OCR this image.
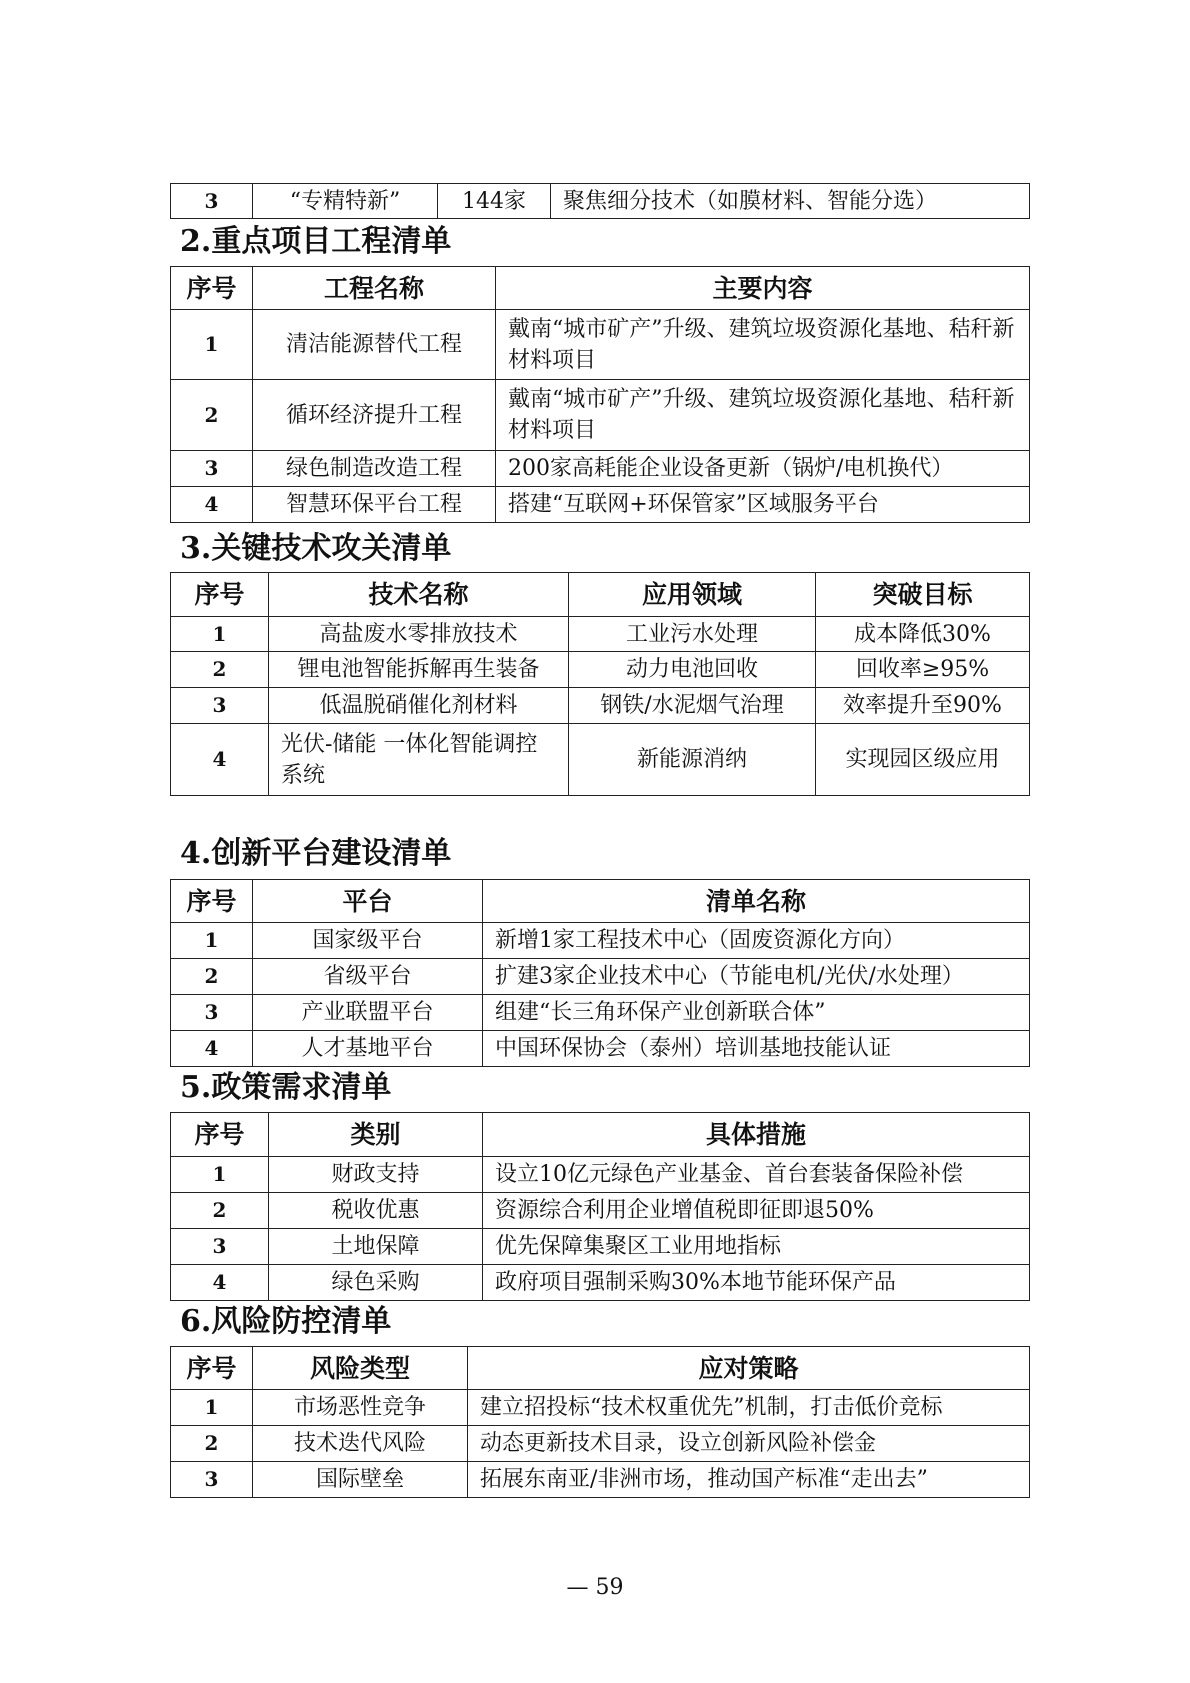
3	“专精特新”	144家	聚焦细分技术（如膜材料、智能分选）
2.重点项目工程清单
序号	工程名称	主要内容
1	清洁能源替代工程	戴南“城市矿产”升级、建筑垃圾资源化基地、秸秆新材料项目
2	循环经济提升工程	戴南“城市矿产”升级、建筑垃圾资源化基地、秸秆新材料项目
3	绿色制造改造工程	200家高耗能企业设备更新（锅炉/电机换代）
4	智慧环保平台工程	搭建“互联网+环保管家”区域服务平台
3.关键技术攻关清单
序号	技术名称	应用领域	突破目标
1	高盐废水零排放技术	工业污水处理	成本降低30%
2	锂电池智能拆解再生装备	动力电池回收	回收率≥95%
3	低温脱硝催化剂材料	钢铁/水泥烟气治理	效率提升至90%
4	光伏-储能 一体化智能调控系统	新能源消纳	实现园区级应用
4.创新平台建设清单
序号	平台	清单名称
1	国家级平台	新增1家工程技术中心（固废资源化方向）
2	省级平台	扩建3家企业技术中心（节能电机/光伏/水处理）
3	产业联盟平台	组建“长三角环保产业创新联合体”
4	人才基地平台	中国环保协会（泰州）培训基地技能认证
5.政策需求清单
序号	类别	具体措施
1	财政支持	设立10亿元绿色产业基金、首台套装备保险补偿
2	税收优惠	资源综合利用企业增值税即征即退50%
3	土地保障	优先保障集聚区工业用地指标
4	绿色采购	政府项目强制采购30%本地节能环保产品
6.风险防控清单
序号	风险类型	应对策略
1	市场恶性竞争	建立招投标“技术权重优先”机制，打击低价竞标
2	技术迭代风险	动态更新技术目录，设立创新风险补偿金
3	国际壁垒	拓展东南亚/非洲市场，推动国产标准“走出去”
— 59
